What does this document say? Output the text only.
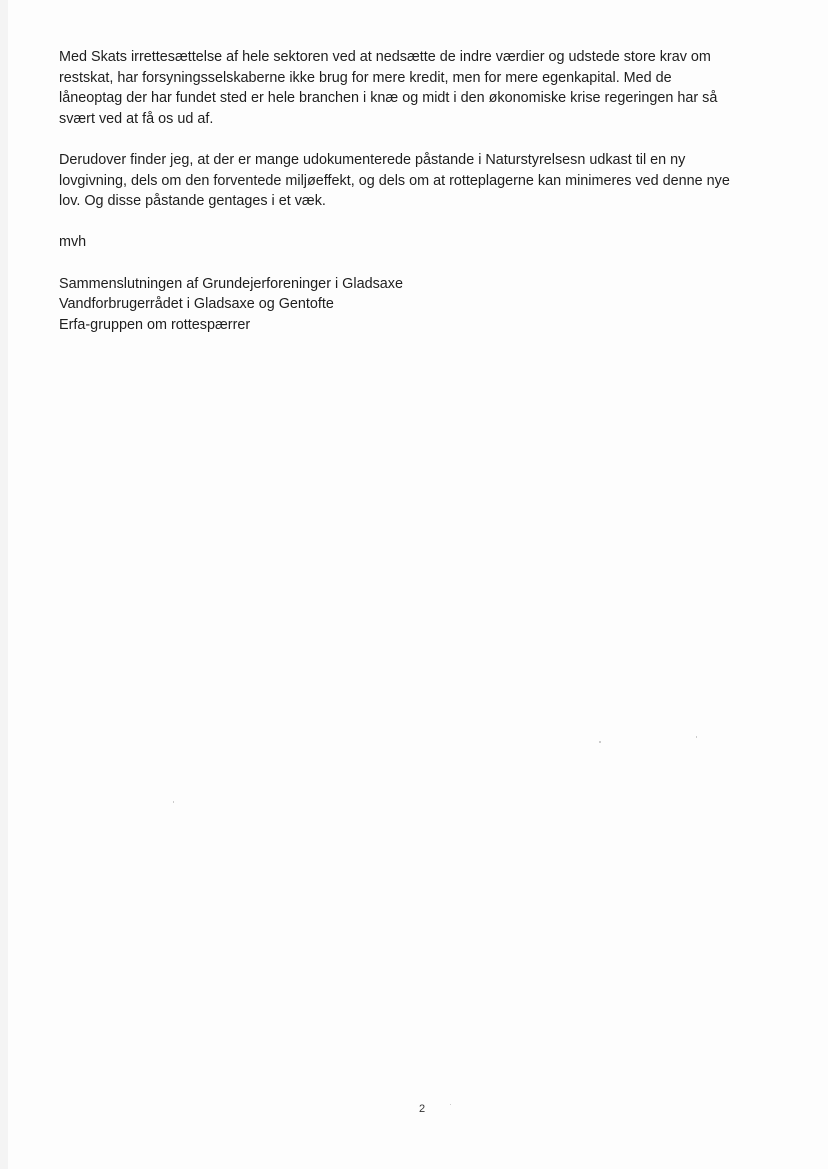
Med Skats irrettesættelse af hele sektoren ved at nedsætte de indre værdier og udstede store krav om
restskat, har forsyningsselskaberne ikke brug for mere kredit, men for mere egenkapital. Med de
låneoptag der har fundet sted er hele branchen i knæ og midt i den økonomiske krise regeringen har så
svært ved at få os ud af.

Derudover finder jeg, at der er mange udokumenterede påstande i Naturstyrelsesn udkast til en ny
lovgivning, dels om den forventede miljøeffekt, og dels om at rotteplagerne kan minimeres ved denne nye
lov. Og disse påstande gentages i et væk.

mvh

Sammenslutningen af Grundejerforeninger i Gladsaxe
Vandforbrugerrådet i Gladsaxe og Gentofte
Erfa-gruppen om rottespærrer

2
